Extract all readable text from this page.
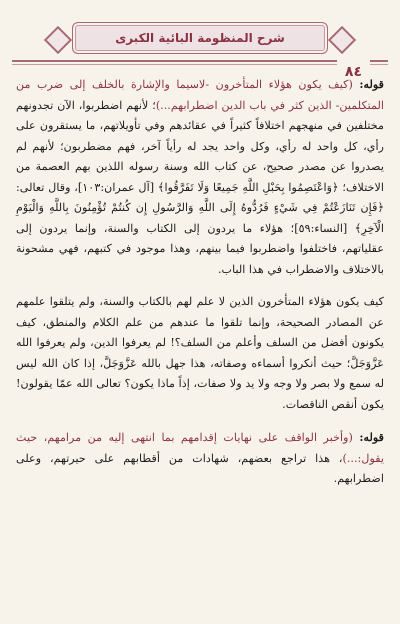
شرح المنظومة البائية الكبرى
٨٤

قوله: (كيف يكون هؤلاء المتأخرون -لاسيما والإشارة بالخلف إلى ضرب من المتكلمين- الذين كثر في باب الدين اضطرابهم...)؛ لأنهم اضطربوا، الآن تجدونهم مختلفين في منهجهم اختلافاً كثيراً في عقائدهم وفي تأويلاتهم، ما يستقرون على رأي، كل واحد له رأي، وكل واحد يجد له رأياً آخر، فهم مضطربون؛ لأنهم لم يصدروا عن مصدر صحيح، عن كتاب الله وسنة رسوله اللذين بهم العصمة من الاختلاف؛ ﴿وَاعْتَصِمُوا بِحَبْلِ اللَّهِ جَمِيعًا وَلَا تَفَرَّقُوا﴾ [آل عمران:١٠٣]، وقال تعالى: ﴿فَإِن تَنَازَعْتُمْ فِي شَيْءٍ فَرُدُّوهُ إِلَى اللَّهِ وَالرَّسُولِ إِن كُنتُمْ تُؤْمِنُونَ بِاللَّهِ وَالْيَوْمِ الْآخِرِ﴾ [النساء:٥٩]؛ هؤلاء ما يردون إلى الكتاب والسنة، وإنما يردون إلى عقلياتهم، فاختلفوا واضطربوا فيما بينهم، وهذا موجود في كتبهم، فهي مشحونة بالاختلاف والاضطراب في هذا الباب.

كيف يكون هؤلاء المتأخرون الذين لا علم لهم بالكتاب والسنة، ولم يتلقوا علمهم عن المصادر الصحيحة، وإنما تلقوا ما عندهم من علم الكلام والمنطق، كيف يكونون أفضل من السلف وأعلم من السلف؟! لم يعرفوا الدين، ولم يعرفوا الله عَزَّوَجَلَّ؛ حيث أنكروا أسماءه وصفاته، هذا جهل بالله عَزَّوَجَلَّ، إذا كان الله ليس له سمع ولا بصر ولا وجه ولا يد ولا صفات، إذاً ماذا يكون؟ تعالى الله عمّا يقولون! يكون أنقص الناقصات.

قوله: (وأخبر الواقف على نهايات إقدامهم بما انتهى إليه من مرامهم، حيث يقول:...)، هذا تراجع بعضهم، شهادات من أقطابهم على حيرتهم، وعلى اضطرابهم.
